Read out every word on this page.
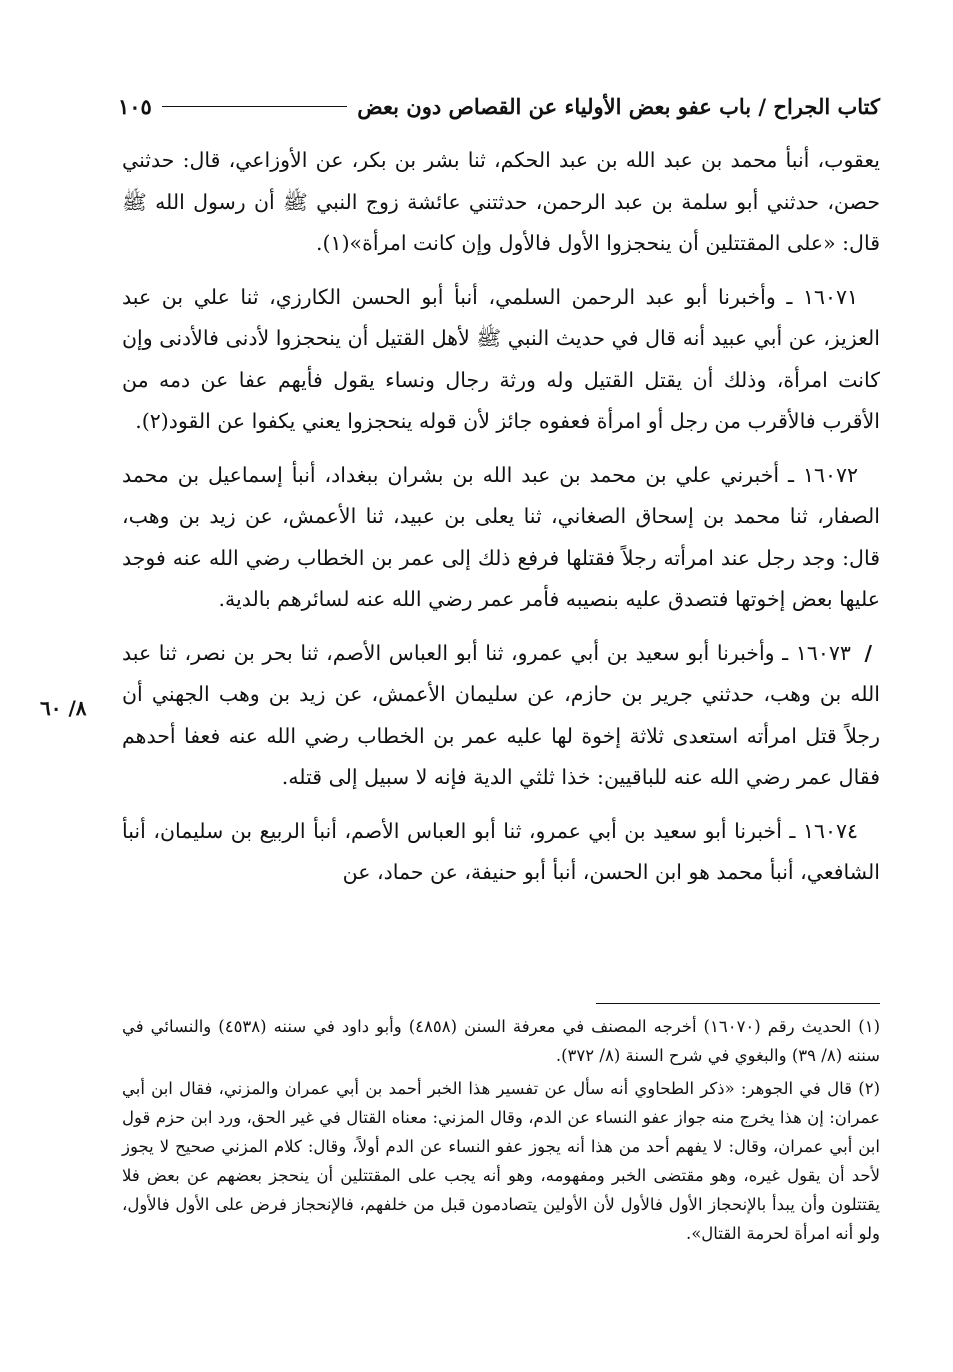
كتاب الجراح / باب عفو بعض الأولياء عن القصاص دون بعض
١٠٥

يعقوب، أنبأ محمد بن عبد الله بن عبد الحكم، ثنا بشر بن بكر، عن الأوزاعي، قال: حدثني حصن، حدثني أبو سلمة بن عبد الرحمن، حدثتني عائشة زوج النبي ﷺ أن رسول الله ﷺ قال: «على المقتتلين أن ينحجزوا الأول فالأول وإن كانت امرأة»(١).

١٦٠٧١ ـ وأخبرنا أبو عبد الرحمن السلمي، أنبأ أبو الحسن الكارزي، ثنا علي بن عبد العزيز، عن أبي عبيد أنه قال في حديث النبي ﷺ لأهل القتيل أن ينحجزوا لأدنى فالأدنى وإن كانت امرأة، وذلك أن يقتل القتيل وله ورثة رجال ونساء يقول فأيهم عفا عن دمه من الأقرب فالأقرب من رجل أو امرأة فعفوه جائز لأن قوله ينحجزوا يعني يكفوا عن القود(٢).

١٦٠٧٢ ـ أخبرني علي بن محمد بن عبد الله بن بشران ببغداد، أنبأ إسماعيل بن محمد الصفار، ثنا محمد بن إسحاق الصغاني، ثنا يعلى بن عبيد، ثنا الأعمش، عن زيد بن وهب، قال: وجد رجل عند امرأته رجلاً فقتلها فرفع ذلك إلى عمر بن الخطاب رضي الله عنه فوجد عليها بعض إخوتها فتصدق عليه بنصيبه فأمر عمر رضي الله عنه لسائرهم بالدية.

/ ١٦٠٧٣ ـ وأخبرنا أبو سعيد بن أبي عمرو، ثنا أبو العباس الأصم، ثنا بحر بن نصر، ثنا عبد الله بن وهب، حدثني جرير بن حازم، عن سليمان الأعمش، عن زيد بن وهب الجهني أن رجلاً قتل امرأته استعدى ثلاثة إخوة لها عليه عمر بن الخطاب رضي الله عنه فعفا أحدهم فقال عمر رضي الله عنه للباقيين: خذا ثلثي الدية فإنه لا سبيل إلى قتله.

١٦٠٧٤ ـ أخبرنا أبو سعيد بن أبي عمرو، ثنا أبو العباس الأصم، أنبأ الربيع بن سليمان، أنبأ الشافعي، أنبأ محمد هو ابن الحسن، أنبأ أبو حنيفة، عن حماد، عن

٨/ ٦٠

(١) الحديث رقم (١٦٠٧٠) أخرجه المصنف في معرفة السنن (٤٨٥٨) وأبو داود في سننه (٤٥٣٨) والنسائي في سننه (٨/ ٣٩) والبغوي في شرح السنة (٨/ ٣٧٢).

(٢) قال في الجوهر: «ذكر الطحاوي أنه سأل عن تفسير هذا الخبر أحمد بن أبي عمران والمزني، فقال ابن أبي عمران: إن هذا يخرج منه جواز عفو النساء عن الدم، وقال المزني: معناه القتال في غير الحق، ورد ابن حزم قول ابن أبي عمران، وقال: لا يفهم أحد من هذا أنه يجوز عفو النساء عن الدم أولاً، وقال: كلام المزني صحيح لا يجوز لأحد أن يقول غيره، وهو مقتضى الخبر ومفهومه، وهو أنه يجب على المقتتلين أن ينحجز بعضهم عن بعض فلا يقتتلون وأن يبدأ بالإنحجاز الأول فالأول لأن الأولين يتصادمون قبل من خلفهم، فالإنحجاز فرض على الأول فالأول، ولو أنه امرأة لحرمة القتال».
